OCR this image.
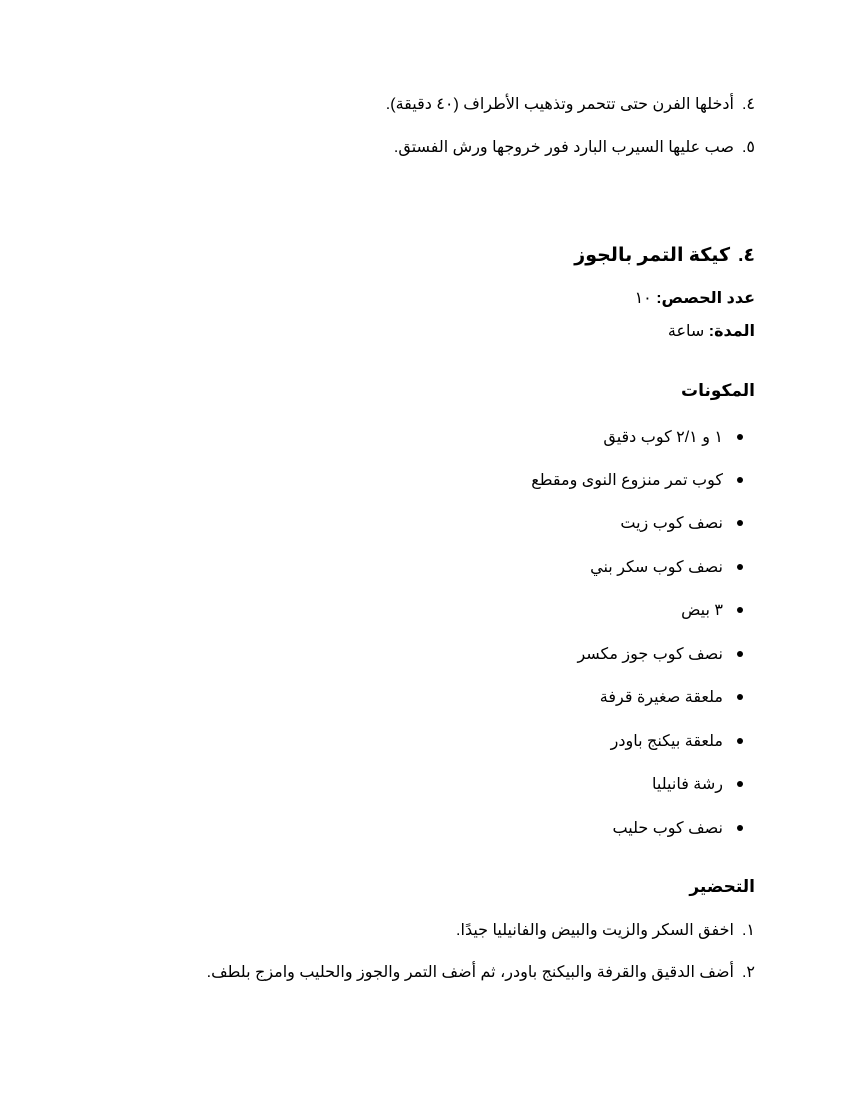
٤.أدخلها الفرن حتى تتحمر وتذهيب الأطراف (٤٠ دقيقة).
٥.صب عليها السيرب البارد فور خروجها ورش الفستق.
٤.كيكة التمر بالجوز
عدد الحصص: ١٠
المدة: ساعة
المكونات
١ و ٢/١ كوب دقيق
كوب تمر منزوع النوى ومقطع
نصف كوب زيت
نصف كوب سكر بني
٣ بيض
نصف كوب جوز مكسر
ملعقة صغيرة قرفة
ملعقة بيكنج باودر
رشة فانيليا
نصف كوب حليب
التحضير
١.اخفق السكر والزيت والبيض والفانيليا جيدًا.
٢.أضف الدقيق والقرفة والبيكنج باودر، ثم أضف التمر والجوز والحليب وامزج بلطف.
